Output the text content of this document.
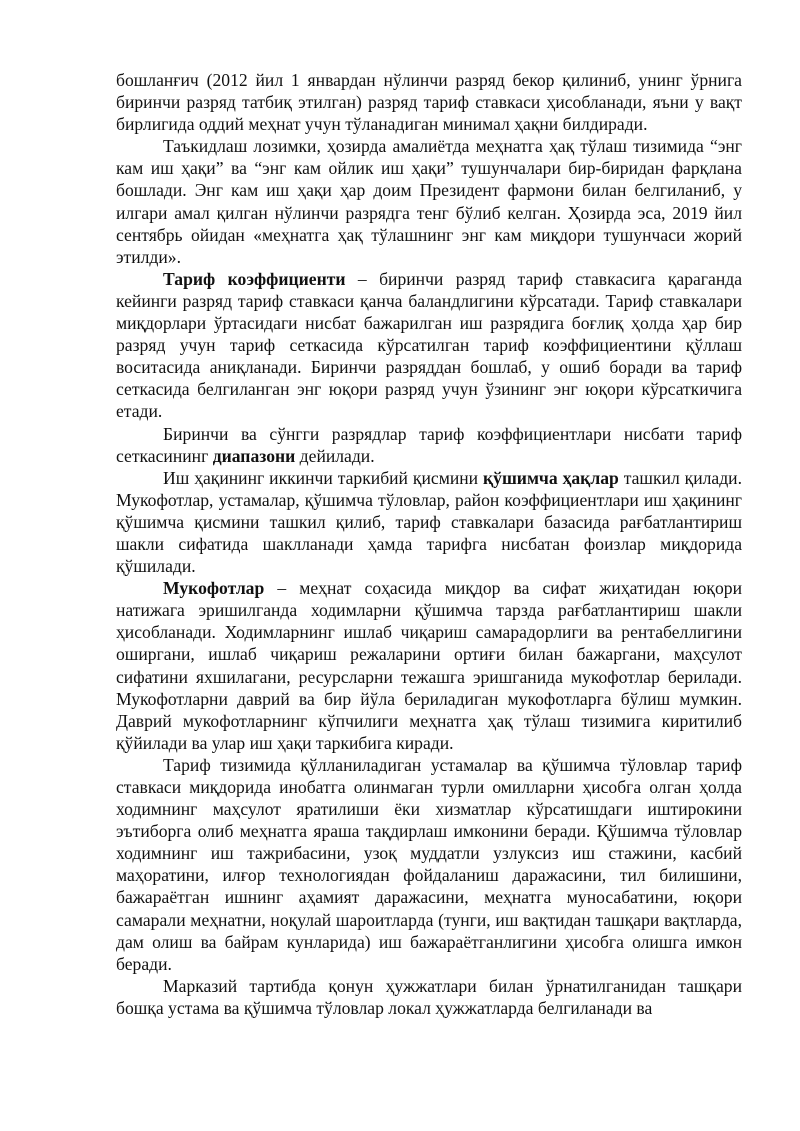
бошланғич (2012 йил 1 январдан нўлинчи разряд бекор қилиниб, унинг ўрнига биринчи разряд татбиқ этилган) разряд тариф ставкаси ҳисобланади, яъни у вақт бирлигида оддий меҳнат учун тўланадиган минимал ҳақни билдиради.

Таъкидлаш лозимки, ҳозирда амалиётда меҳнатга ҳақ тўлаш тизимида “энг кам иш ҳақи” ва “энг кам ойлик иш ҳақи” тушунчалари бир-биридан фарқлана бошлади. Энг кам иш ҳақи ҳар доим Президент фармони билан белгиланиб, у илгари амал қилган нўлинчи разрядга тенг бўлиб келган. Ҳозирда эса, 2019 йил сентябрь ойидан «меҳнатга ҳақ тўлашнинг энг кам миқдори тушунчаси жорий этилди».

Тариф коэффициенти – биринчи разряд тариф ставкасига қараганда кейинги разряд тариф ставкаси қанча баландлигини кўрсатади. Тариф ставкалари миқдорлари ўртасидаги нисбат бажарилган иш разрядига боғлиқ ҳолда ҳар бир разряд учун тариф сеткасида кўрсатилган тариф коэффициентини қўллаш воситасида аниқланади. Биринчи разряддан бошлаб, у ошиб боради ва тариф сеткасида белгиланган энг юқори разряд учун ўзининг энг юқори кўрсаткичига етади.

Биринчи ва сўнгги разрядлар тариф коэффициентлари нисбати тариф сеткасининг диапазони дейилади.

Иш ҳақининг иккинчи таркибий қисмини қўшимча ҳақлар ташкил қилади. Мукофотлар, устамалар, қўшимча тўловлар, район коэффициентлари иш ҳақининг қўшимча қисмини ташкил қилиб, тариф ставкалари базасида рағбатлантириш шакли сифатида шаклланади ҳамда тарифга нисбатан фоизлар миқдорида қўшилади.

Мукофотлар – меҳнат соҳасида миқдор ва сифат жиҳатидан юқори натижага эришилганда ходимларни қўшимча тарзда рағбатлантириш шакли ҳисобланади. Ходимларнинг ишлаб чиқариш самарадорлиги ва рентабеллигини оширгани, ишлаб чиқариш режаларини ортиғи билан бажаргани, маҳсулот сифатини яхшилагани, ресурсларни тежашга эришганида мукофотлар берилади. Мукофотларни даврий ва бир йўла бериладиган мукофотларга бўлиш мумкин. Даврий мукофотларнинг кўпчилиги меҳнатга ҳақ тўлаш тизимига киритилиб қўйилади ва улар иш ҳақи таркибига киради.

Тариф тизимида қўлланиладиган устамалар ва қўшимча тўловлар тариф ставкаси миқдорида инобатга олинмаган турли омилларни ҳисобга олган ҳолда ходимнинг маҳсулот яратилиши ёки хизматлар кўрсатишдаги иштирокини эътиборга олиб меҳнатга яраша тақдирлаш имконини беради. Қўшимча тўловлар ходимнинг иш тажрибасини, узоқ муддатли узлуксиз иш стажини, касбий маҳоратини, илғор технологиядан фойдаланиш даражасини, тил билишини, бажараётган ишнинг аҳамият даражасини, меҳнатга муносабатини, юқори самарали меҳнатни, ноқулай шароитларда (тунги, иш вақтидан ташқари вақтларда, дам олиш ва байрам кунларида) иш бажараётганлигини ҳисобга олишга имкон беради.

Марказий тартибда қонун ҳужжатлари билан ўрнатилганидан ташқари бошқа устама ва қўшимча тўловлар локал ҳужжатларда белгиланади ва
